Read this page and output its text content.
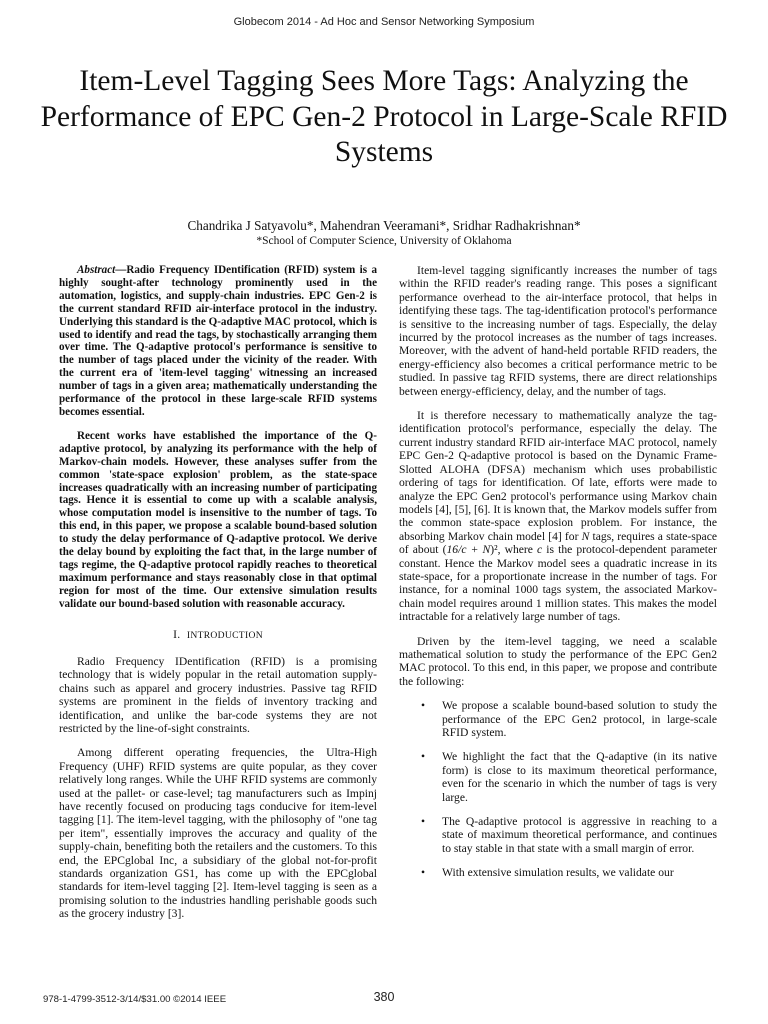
Globecom 2014 - Ad Hoc and Sensor Networking Symposium
Item-Level Tagging Sees More Tags: Analyzing the Performance of EPC Gen-2 Protocol in Large-Scale RFID Systems
Chandrika J Satyavolu*, Mahendran Veeramani*, Sridhar Radhakrishnan*
*School of Computer Science, University of Oklahoma

Abstract—Radio Frequency IDentification (RFID) system is a highly sought-after technology prominently used in the automation, logistics, and supply-chain industries. EPC Gen-2 is the current standard RFID air-interface protocol in the industry. Underlying this standard is the Q-adaptive MAC protocol, which is used to identify and read the tags, by stochastically arranging them over time. The Q-adaptive protocol's performance is sensitive to the number of tags placed under the vicinity of the reader. With the current era of 'item-level tagging' witnessing an increased number of tags in a given area; mathematically understanding the performance of the protocol in these large-scale RFID systems becomes essential.

Recent works have established the importance of the Q-adaptive protocol, by analyzing its performance with the help of Markov-chain models. However, these analyses suffer from the common 'state-space explosion' problem, as the state-space increases quadratically with an increasing number of participating tags. Hence it is essential to come up with a scalable analysis, whose computation model is insensitive to the number of tags. To this end, in this paper, we propose a scalable bound-based solution to study the delay performance of Q-adaptive protocol. We derive the delay bound by exploiting the fact that, in the large number of tags regime, the Q-adaptive protocol rapidly reaches to theoretical maximum performance and stays reasonably close in that optimal region for most of the time. Our extensive simulation results validate our bound-based solution with reasonable accuracy.

I. INTRODUCTION

Radio Frequency IDentification (RFID) is a promising technology that is widely popular in the retail automation supply-chains such as apparel and grocery industries. Passive tag RFID systems are prominent in the fields of inventory tracking and identification, and unlike the bar-code systems they are not restricted by the line-of-sight constraints.

Among different operating frequencies, the Ultra-High Frequency (UHF) RFID systems are quite popular, as they cover relatively long ranges. While the UHF RFID systems are commonly used at the pallet- or case-level; tag manufacturers such as Impinj have recently focused on producing tags conducive for item-level tagging [1]. The item-level tagging, with the philosophy of "one tag per item", essentially improves the accuracy and quality of the supply-chain, benefiting both the retailers and the customers. To this end, the EPCglobal Inc, a subsidiary of the global not-for-profit standards organization GS1, has come up with the EPCglobal standards for item-level tagging [2]. Item-level tagging is seen as a promising solution to the industries handling perishable goods such as the grocery industry [3].

Item-level tagging significantly increases the number of tags within the RFID reader's reading range. This poses a significant performance overhead to the air-interface protocol, that helps in identifying these tags. The tag-identification protocol's performance is sensitive to the increasing number of tags. Especially, the delay incurred by the protocol increases as the number of tags increases. Moreover, with the advent of hand-held portable RFID readers, the energy-efficiency also becomes a critical performance metric to be studied. In passive tag RFID systems, there are direct relationships between energy-efficiency, delay, and the number of tags.

It is therefore necessary to mathematically analyze the tag-identification protocol's performance, especially the delay. The current industry standard RFID air-interface MAC protocol, namely EPC Gen-2 Q-adaptive protocol is based on the Dynamic Frame-Slotted ALOHA (DFSA) mechanism which uses probabilistic ordering of tags for identification. Of late, efforts were made to analyze the EPC Gen2 protocol's performance using Markov chain models [4], [5], [6]. It is known that, the Markov models suffer from the common state-space explosion problem. For instance, the absorbing Markov chain model [4] for N tags, requires a state-space of about (16/c + N)², where c is the protocol-dependent parameter constant. Hence the Markov model sees a quadratic increase in its state-space, for a proportionate increase in the number of tags. For instance, for a nominal 1000 tags system, the associated Markov-chain model requires around 1 million states. This makes the model intractable for a relatively large number of tags.

Driven by the item-level tagging, we need a scalable mathematical solution to study the performance of the EPC Gen2 MAC protocol. To this end, in this paper, we propose and contribute the following:

• We propose a scalable bound-based solution to study the performance of the EPC Gen2 protocol, in large-scale RFID system.
• We highlight the fact that the Q-adaptive (in its native form) is close to its maximum theoretical performance, even for the scenario in which the number of tags is very large.
• The Q-adaptive protocol is aggressive in reaching to a state of maximum theoretical performance, and continues to stay stable in that state with a small margin of error.
• With extensive simulation results, we validate our
978-1-4799-3512-3/14/$31.00 ©2014 IEEE	380
